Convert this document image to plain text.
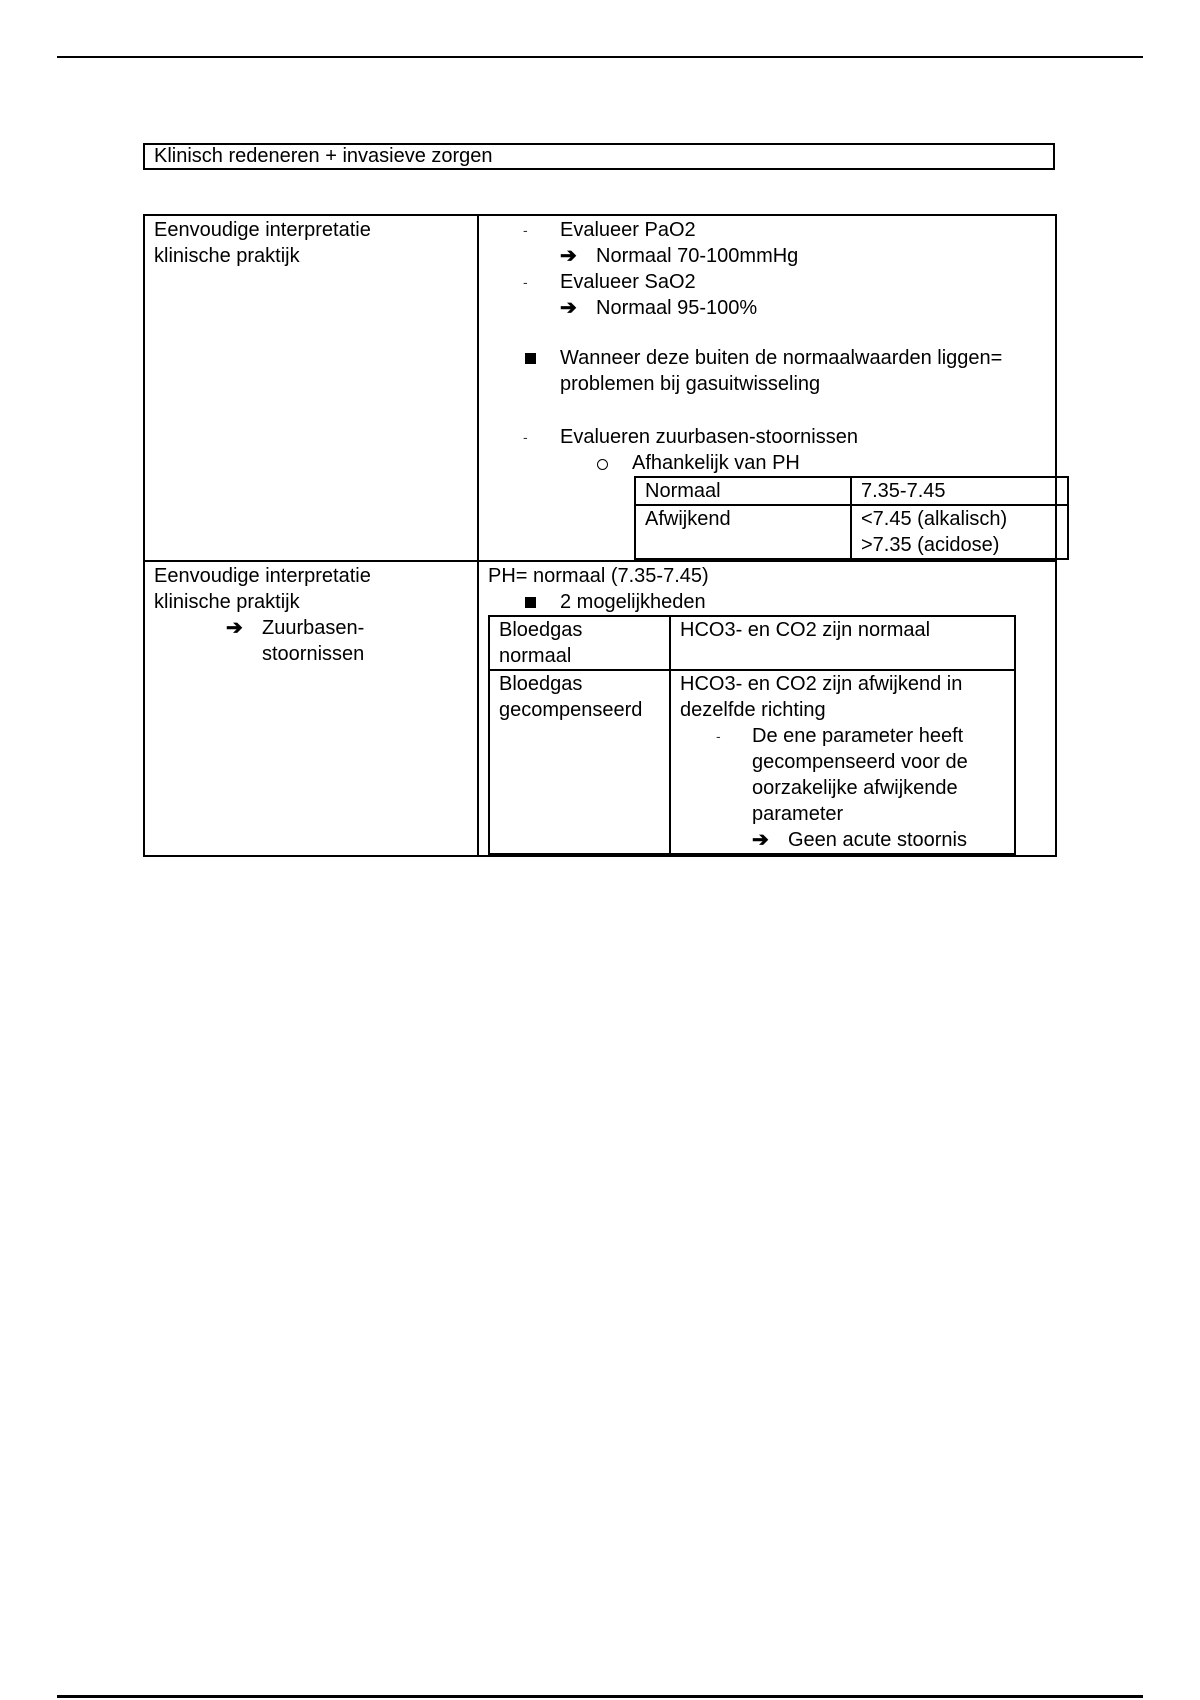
Klinisch redeneren + invasieve zorgen
Eenvoudige interpretatie
klinische praktijk

- Evalueer PaO2
➔ Normaal 70-100mmHg
- Evalueer SaO2
➔ Normaal 95-100%
Wanneer deze buiten de normaalwaarden liggen=
problemen bij gasuitwisseling
- Evalueren zuurbasen-stoornissen
Afhankelijk van PH
Normaal	7.35-7.45
Afwijkend	<7.45 (alkalisch)
>7.35 (acidose)

Eenvoudige interpretatie
klinische praktijk
➔ Zuurbasen-
stoornissen

PH= normaal (7.35-7.45)
2 mogelijkheden
Bloedgas
normaal
	HCO3- en CO2 zijn normaal

Bloedgas
gecompenseerd

HCO3- en CO2 zijn afwijkend in
dezelfde richting
- De ene parameter heeft
gecompenseerd voor de
oorzakelijke afwijkende
parameter
➔ Geen acute stoornis
